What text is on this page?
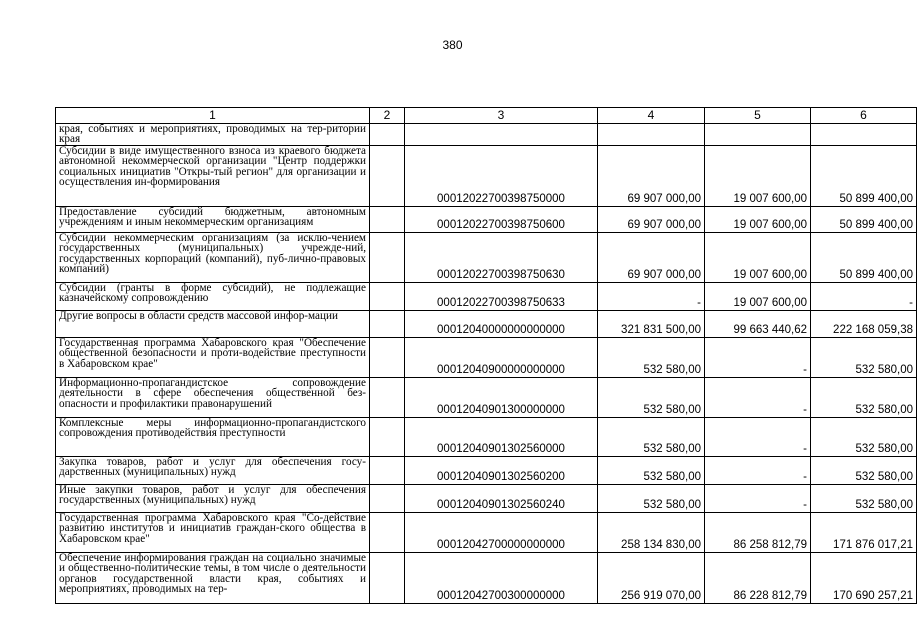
380
1	2	3	4	5	6
края, событиях и мероприятиях, проводимых на тер-ритории края					
Субсидии в виде имущественного взноса из краевого бюджета автономной некоммерческой организации "Центр поддержки социальных инициатив "Откры-тый регион" для организации и осуществления ин-формирования		00012022700398750000	69 907 000,00	19 007 600,00	50 899 400,00
Предоставление субсидий бюджетным, автономным учреждениям и иным некоммерческим организациям		00012022700398750600	69 907 000,00	19 007 600,00	50 899 400,00
Субсидии некоммерческим организациям (за исклю-чением государственных (муниципальных) учрежде-ний, государственных корпораций (компаний), пуб-лично-правовых компаний)		00012022700398750630	69 907 000,00	19 007 600,00	50 899 400,00
Субсидии (гранты в форме субсидий), не подлежащие казначейскому сопровождению		00012022700398750633	-	19 007 600,00	-
Другие вопросы в области средств массовой инфор-мации		00012040000000000000	321 831 500,00	99 663 440,62	222 168 059,38
Государственная программа Хабаровского края "Обеспечение общественной безопасности и проти-водействие преступности в Хабаровском крае"		00012040900000000000	532 580,00	-	532 580,00
Информационно-пропагандистское сопровождение деятельности в сфере обеспечения общественной без-опасности и профилактики правонарушений		00012040901300000000	532 580,00	-	532 580,00
Комплексные меры информационно-пропагандистского сопровождения противодействия преступности		00012040901302560000	532 580,00	-	532 580,00
Закупка товаров, работ и услуг для обеспечения госу-дарственных (муниципальных) нужд		00012040901302560200	532 580,00	-	532 580,00
Иные закупки товаров, работ и услуг для обеспечения государственных (муниципальных) нужд		00012040901302560240	532 580,00	-	532 580,00
Государственная программа Хабаровского края "Со-действие развитию институтов и инициатив граждан-ского общества в Хабаровском крае"		00012042700000000000	258 134 830,00	86 258 812,79	171 876 017,21
Обеспечение информирования граждан на социально значимые и общественно-политические темы, в том числе о деятельности органов государственной власти края, событиях и мероприятиях, проводимых на тер-		00012042700300000000	256 919 070,00	86 228 812,79	170 690 257,21
